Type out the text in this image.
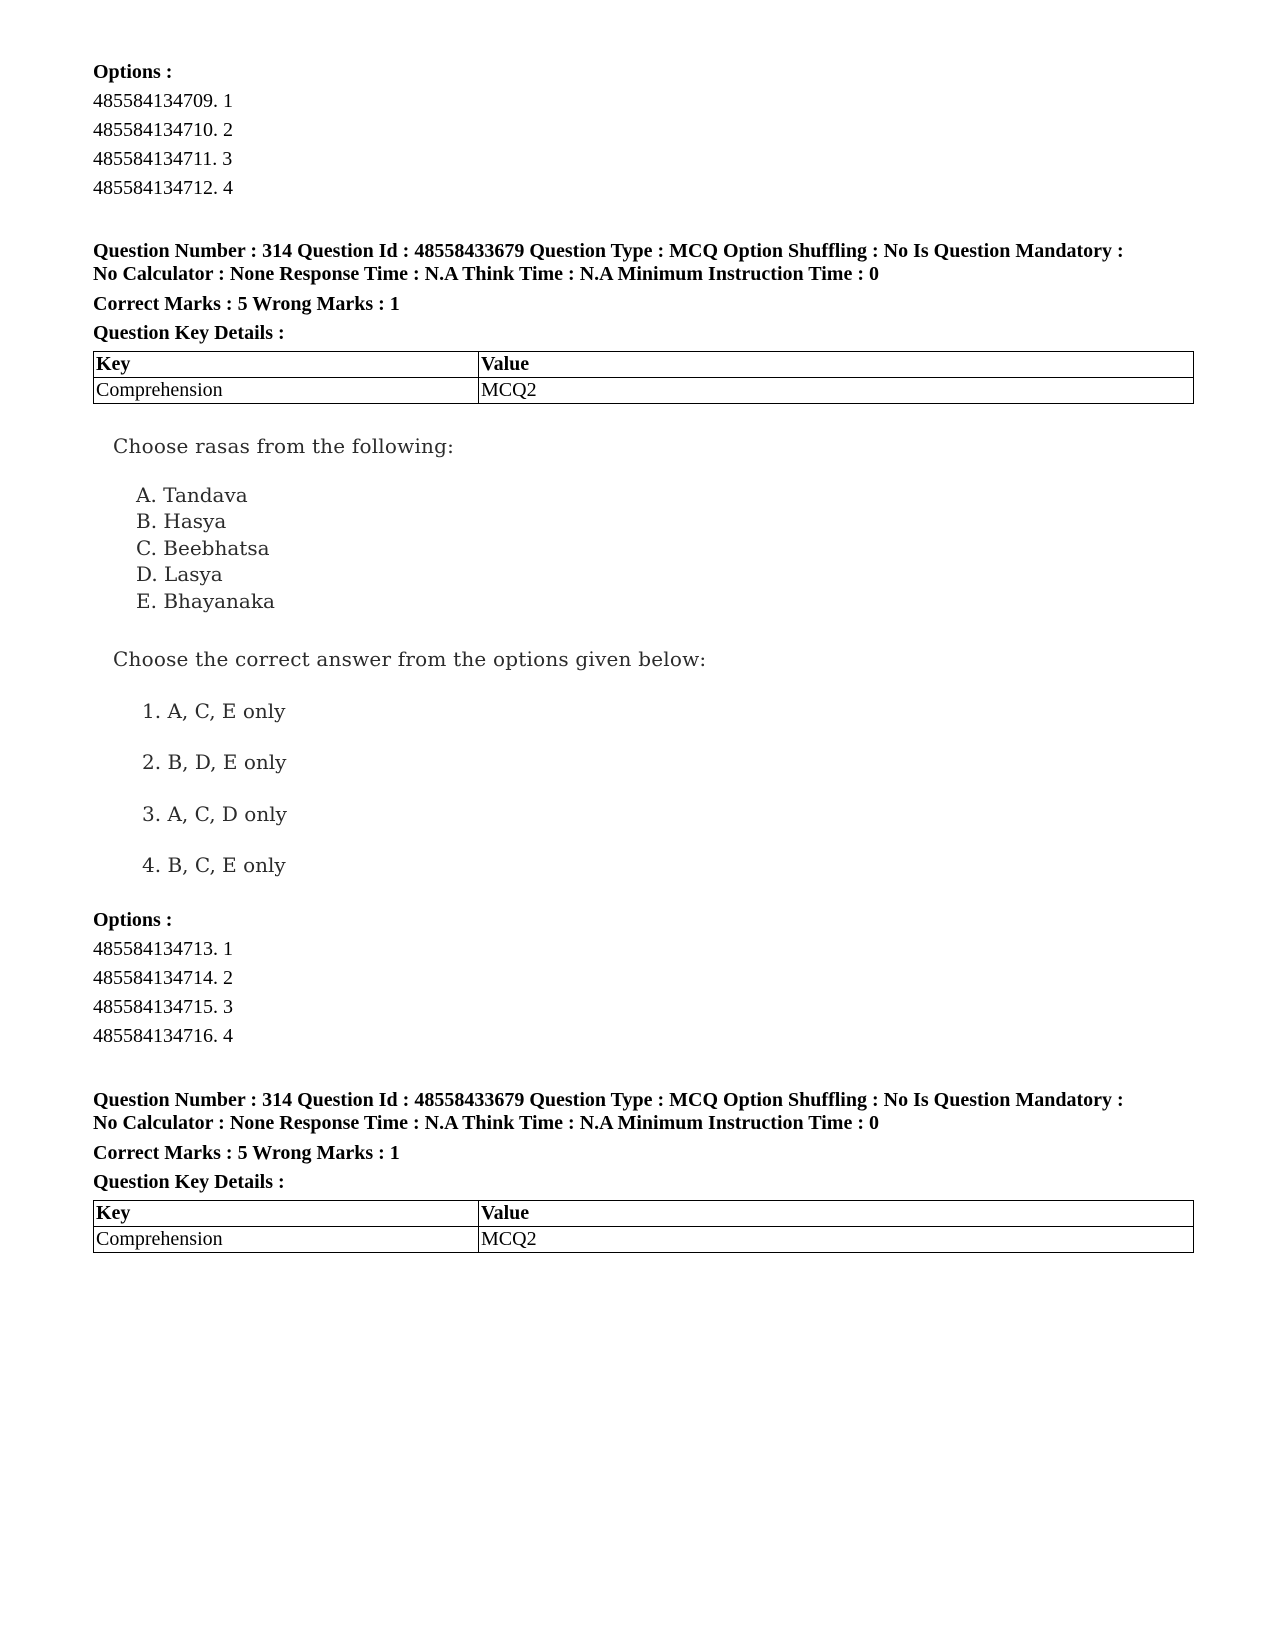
Options :
485584134709. 1
485584134710. 2
485584134711. 3
485584134712. 4
Question Number : 314 Question Id : 48558433679 Question Type : MCQ Option Shuffling : No Is Question Mandatory :
No Calculator : None Response Time : N.A Think Time : N.A Minimum Instruction Time : 0
Correct Marks : 5 Wrong Marks : 1
Question Key Details :
Key	Value
Comprehension	MCQ2
Choose rasas from the following:
A. Tandava
B. Hasya
C. Beebhatsa
D. Lasya
E. Bhayanaka
Choose the correct answer from the options given below:
1. A, C, E only
2. B, D, E only
3. A, C, D only
4. B, C, E only
Options :
485584134713. 1
485584134714. 2
485584134715. 3
485584134716. 4
Question Number : 314 Question Id : 48558433679 Question Type : MCQ Option Shuffling : No Is Question Mandatory :
No Calculator : None Response Time : N.A Think Time : N.A Minimum Instruction Time : 0
Correct Marks : 5 Wrong Marks : 1
Question Key Details :
Key	Value
Comprehension	MCQ2
